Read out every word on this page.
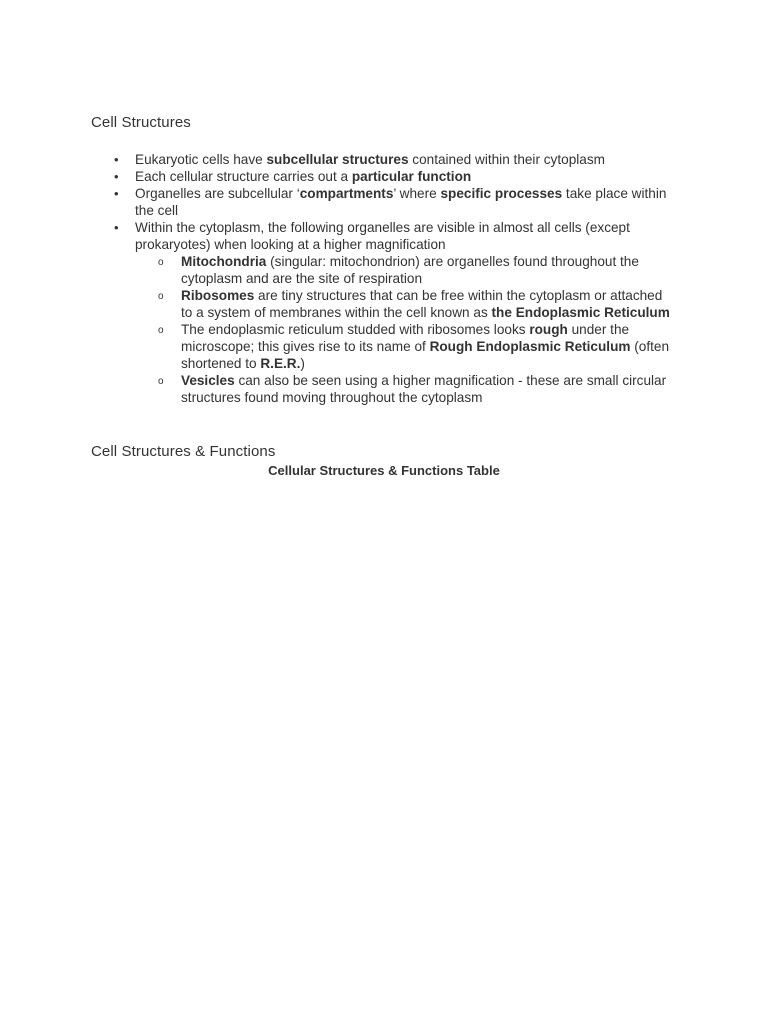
Cell Structures
• Eukaryotic cells have subcellular structures contained within their cytoplasm
• Each cellular structure carries out a particular function
• Organelles are subcellular ‘compartments’ where specific processes take place within the cell
• Within the cytoplasm, the following organelles are visible in almost all cells (except prokaryotes) when looking at a higher magnification
o Mitochondria (singular: mitochondrion) are organelles found throughout the cytoplasm and are the site of respiration
o Ribosomes are tiny structures that can be free within the cytoplasm or attached to a system of membranes within the cell known as the Endoplasmic Reticulum
o The endoplasmic reticulum studded with ribosomes looks rough under the microscope; this gives rise to its name of Rough Endoplasmic Reticulum (often shortened to R.E.R.)
o Vesicles can also be seen using a higher magnification - these are small circular structures found moving throughout the cytoplasm
Cell Structures & Functions
Cellular Structures & Functions Table
